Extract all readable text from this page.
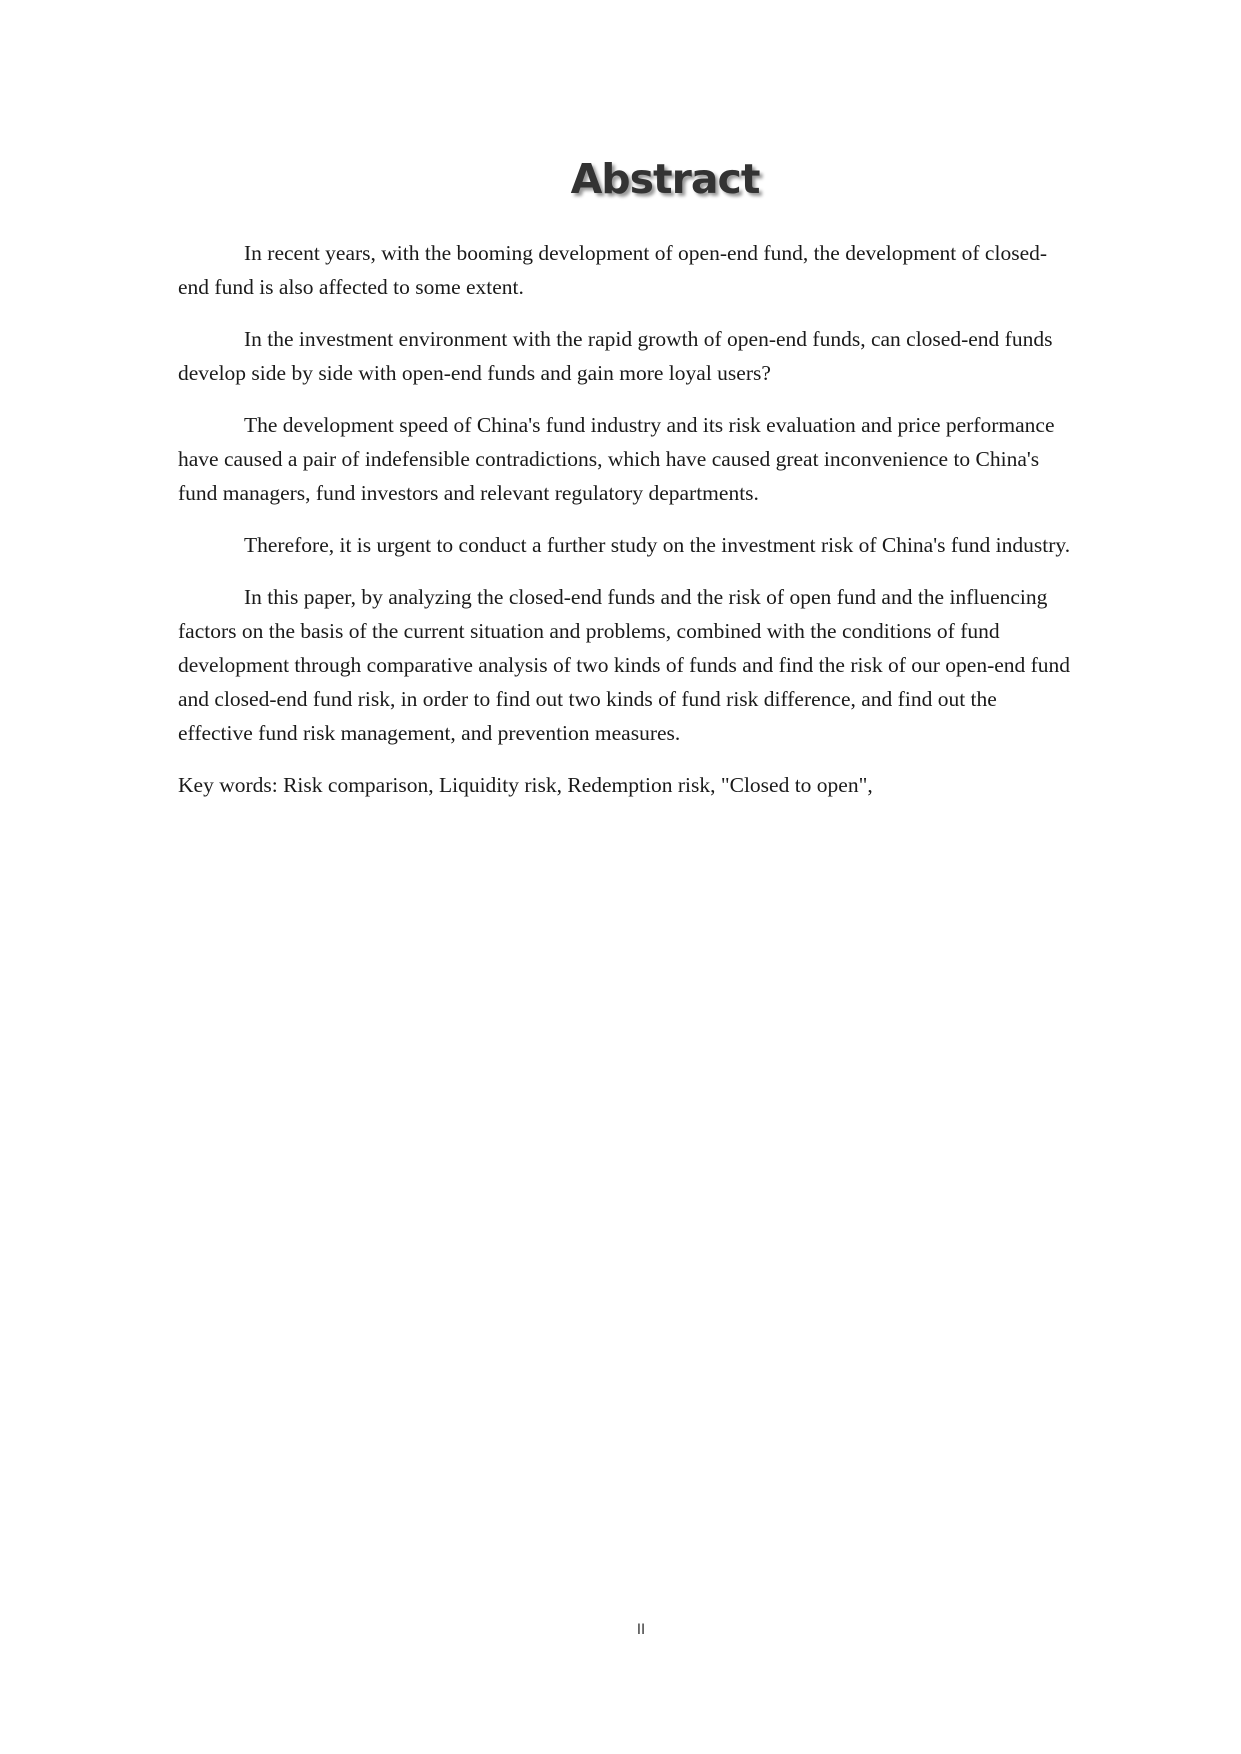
Abstract

In recent years, with the booming development of open-end fund, the development of closed-end fund is also affected to some extent.

In the investment environment with the rapid growth of open-end funds, can closed-end funds develop side by side with open-end funds and gain more loyal users?

The development speed of China's fund industry and its risk evaluation and price performance have caused a pair of indefensible contradictions, which have caused great inconvenience to China's fund managers, fund investors and relevant regulatory departments.

Therefore, it is urgent to conduct a further study on the investment risk of China's fund industry.

In this paper, by analyzing the closed-end funds and the risk of open fund and the influencing factors on the basis of the current situation and problems, combined with the conditions of fund development through comparative analysis of two kinds of funds and find the risk of our open-end fund and closed-end fund risk, in order to find out two kinds of fund risk difference, and find out the effective fund risk management, and prevention measures.

Key words: Risk comparison, Liquidity risk, Redemption risk, "Closed to open",

II
